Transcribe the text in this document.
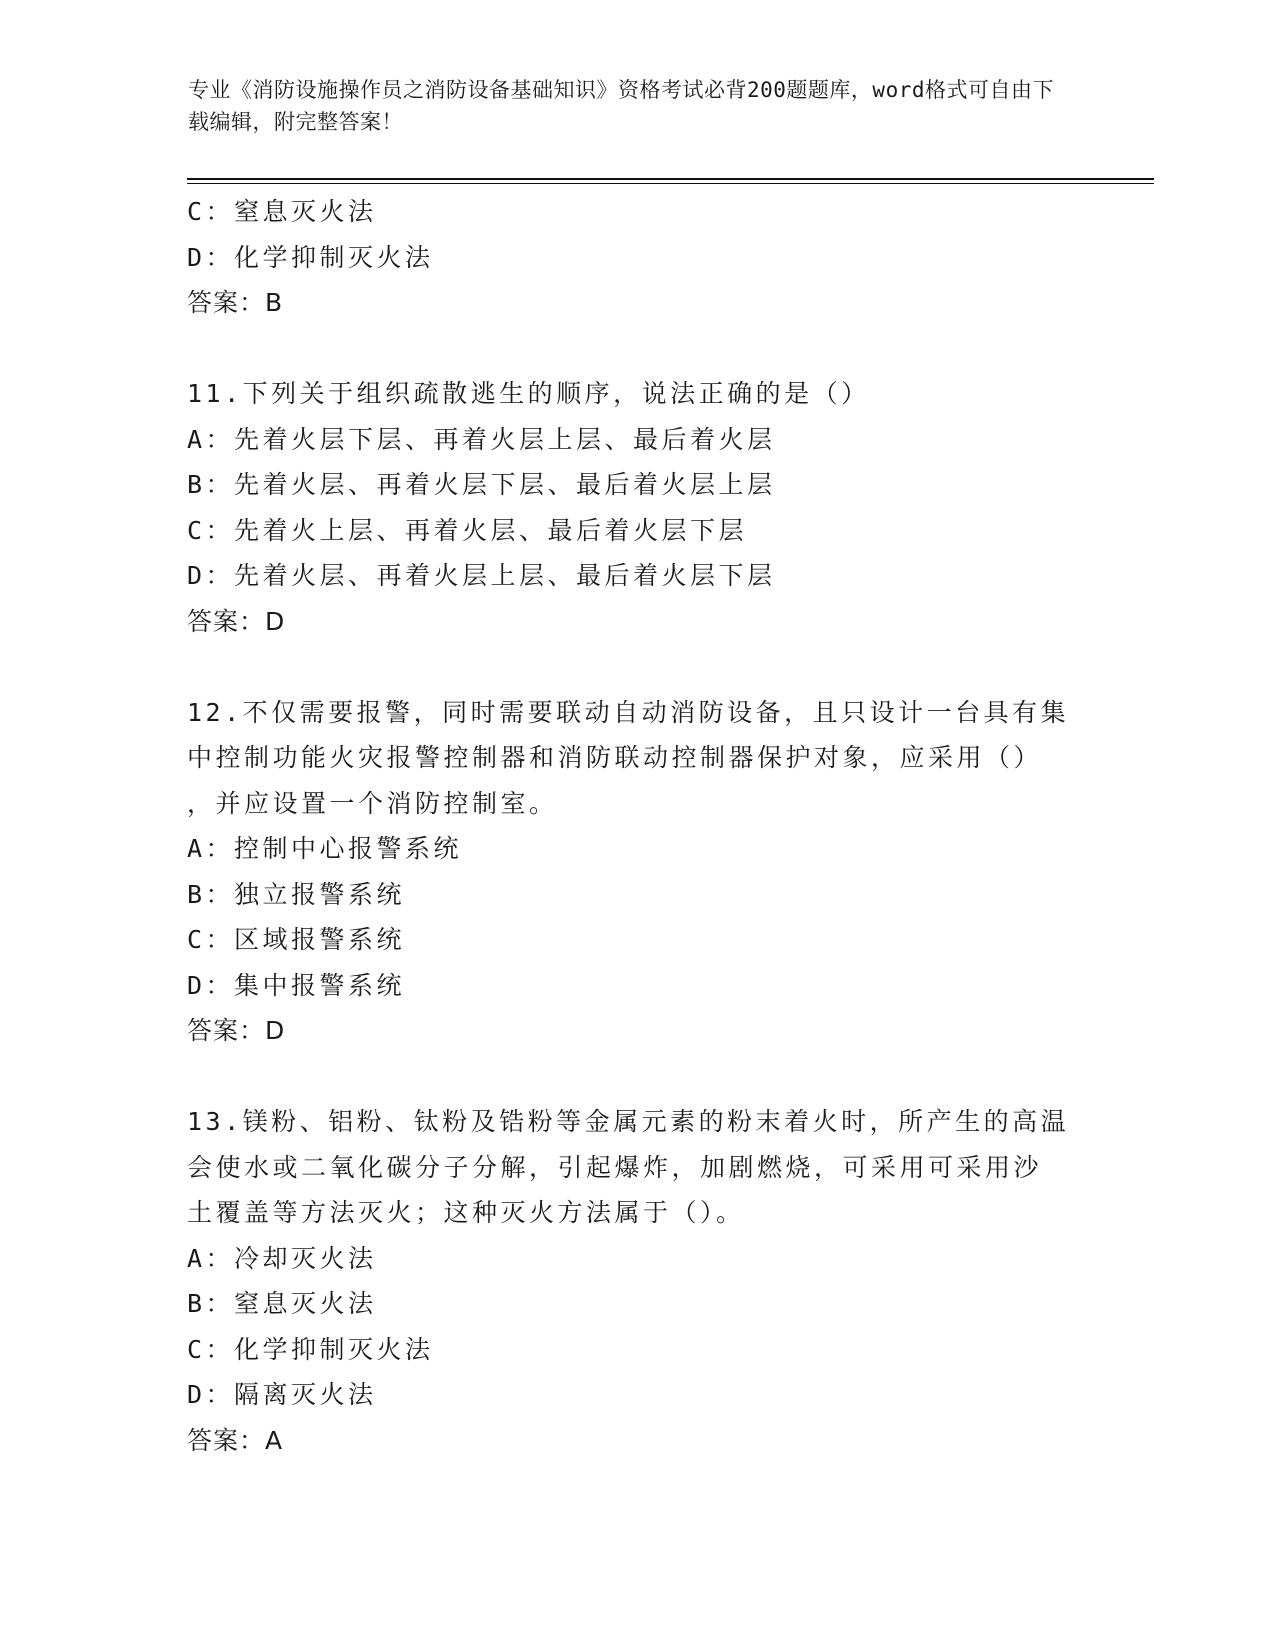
专业《消防设施操作员之消防设备基础知识》资格考试必背200题题库，word格式可自由下载编辑，附完整答案！
C：窒息灭火法
D：化学抑制灭火法
答案：B
11.下列关于组织疏散逃生的顺序，说法正确的是（）
A：先着火层下层、再着火层上层、最后着火层
B：先着火层、再着火层下层、最后着火层上层
C：先着火上层、再着火层、最后着火层下层
D：先着火层、再着火层上层、最后着火层下层
答案：D
12.不仅需要报警，同时需要联动自动消防设备，且只设计一台具有集
中控制功能火灾报警控制器和消防联动控制器保护对象，应采用（）
，并应设置一个消防控制室。
A：控制中心报警系统
B：独立报警系统
C：区域报警系统
D：集中报警系统
答案：D
13.镁粉、铝粉、钛粉及锆粉等金属元素的粉末着火时，所产生的高温
会使水或二氧化碳分子分解，引起爆炸，加剧燃烧，可采用可采用沙
土覆盖等方法灭火；这种灭火方法属于（）。
A：冷却灭火法
B：窒息灭火法
C：化学抑制灭火法
D：隔离灭火法
答案：A
